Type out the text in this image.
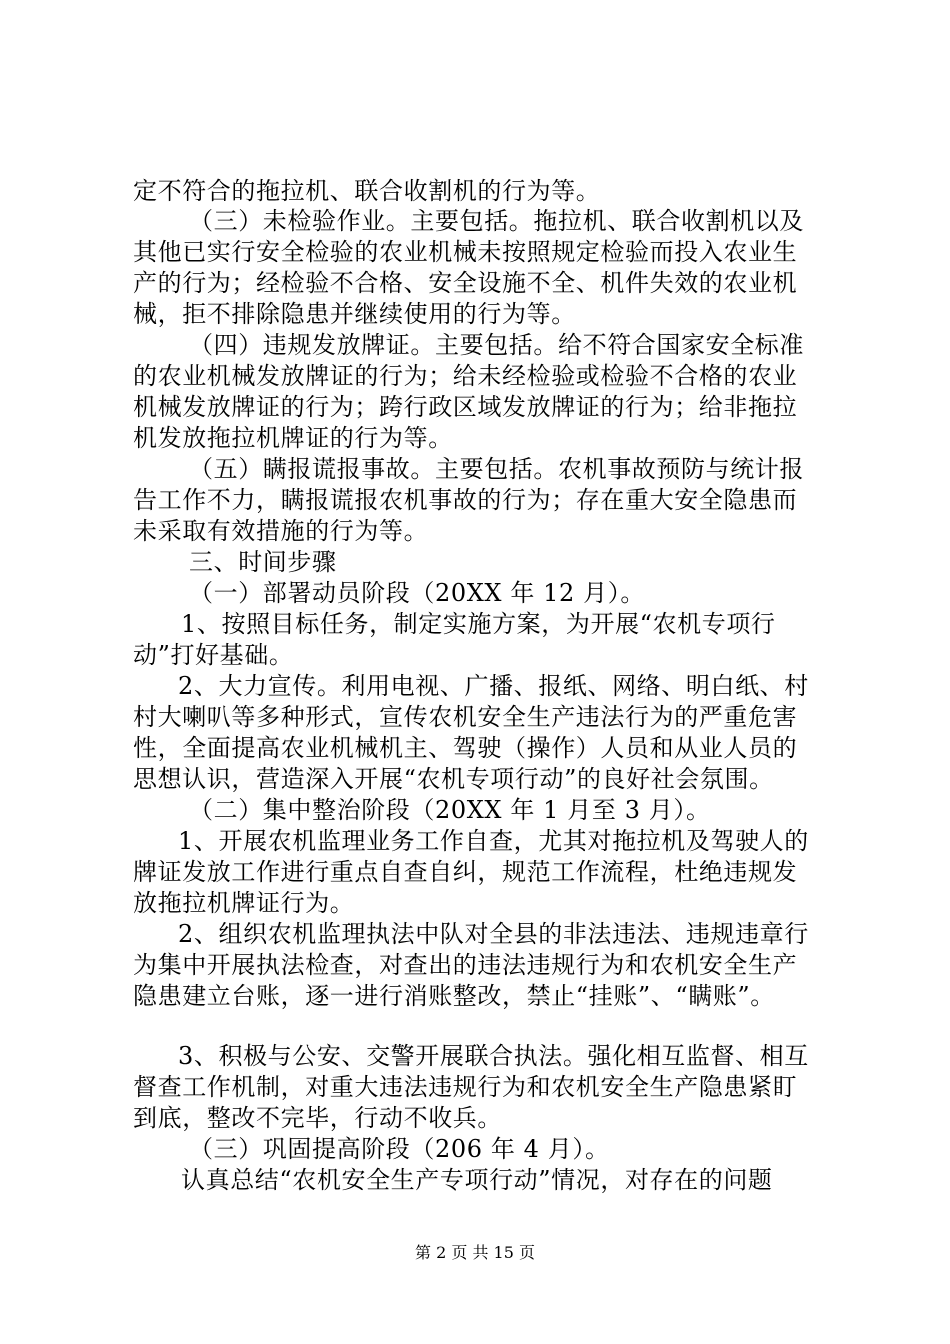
定不符合的拖拉机、联合收割机的行为等。
（三）未检验作业。主要包括。拖拉机、联合收割机以及
其他已实行安全检验的农业机械未按照规定检验而投入农业生
产的行为；经检验不合格、安全设施不全、机件失效的农业机
械，拒不排除隐患并继续使用的行为等。
（四）违规发放牌证。主要包括。给不符合国家安全标准
的农业机械发放牌证的行为；给未经检验或检验不合格的农业
机械发放牌证的行为；跨行政区域发放牌证的行为；给非拖拉
机发放拖拉机牌证的行为等。
（五）瞒报谎报事故。主要包括。农机事故预防与统计报
告工作不力，瞒报谎报农机事故的行为；存在重大安全隐患而
未采取有效措施的行为等。
三、时间步骤
（一）部署动员阶段（20XX 年 12 月）。
1、按照目标任务，制定实施方案，为开展“农机专项行
动”打好基础。
2、大力宣传。利用电视、广播、报纸、网络、明白纸、村
村大喇叭等多种形式，宣传农机安全生产违法行为的严重危害
性，全面提高农业机械机主、驾驶（操作）人员和从业人员的
思想认识，营造深入开展“农机专项行动”的良好社会氛围。
（二）集中整治阶段（20XX 年 1 月至 3 月）。
1、开展农机监理业务工作自查，尤其对拖拉机及驾驶人的
牌证发放工作进行重点自查自纠，规范工作流程，杜绝违规发
放拖拉机牌证行为。
2、组织农机监理执法中队对全县的非法违法、违规违章行
为集中开展执法检查，对查出的违法违规行为和农机安全生产
隐患建立台账，逐一进行消账整改，禁止“挂账”、“瞒账”。
3、积极与公安、交警开展联合执法。强化相互监督、相互
督查工作机制，对重大违法违规行为和农机安全生产隐患紧盯
到底，整改不完毕，行动不收兵。
（三）巩固提高阶段（206 年 4 月）。
认真总结“农机安全生产专项行动”情况，对存在的问题
第 2 页 共 15 页
